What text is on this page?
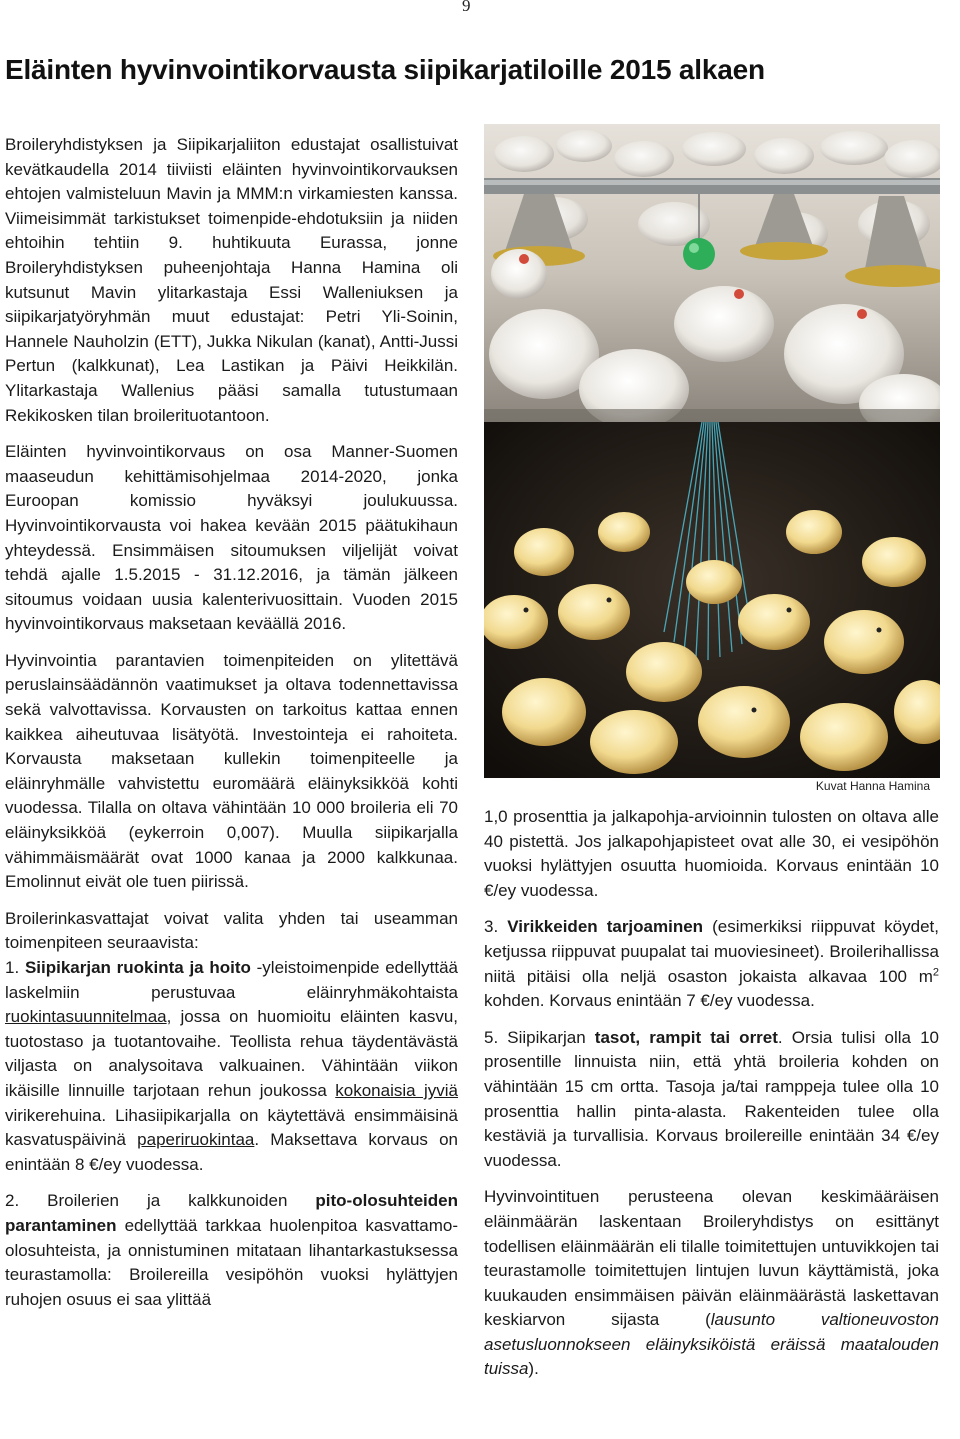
9
Eläinten hyvinvointikorvausta siipikarjatiloille 2015 alkaen

Broileryhdistyksen ja Siipikarjaliiton edustajat osallistuivat kevätkaudella 2014 tiiviisti eläinten hyvinvointikorvauksen ehtojen valmisteluun Mavin ja MMM:n virkamiesten kanssa. Viimeisimmät tarkistukset toimenpide-ehdotuksiin ja niiden ehtoihin tehtiin 9. huhtikuuta Eurassa, jonne Broileryhdistyksen puheenjohtaja Hanna Hamina oli kutsunut Mavin ylitarkastaja Essi Walleniuksen ja siipikarjatyöryhmän muut edustajat: Petri Yli-Soinin, Hannele Nauholzin (ETT), Jukka Nikulan (kanat), Antti-Jussi Pertun (kalkkunat), Lea Lastikan ja Päivi Heikkilän. Ylitarkastaja Wallenius pääsi samalla tutustumaan Rekikosken tilan broilerituotantoon.

Eläinten hyvinvointikorvaus on osa Manner-Suomen maaseudun kehittämisohjelmaa 2014-2020, jonka Euroopan komissio hyväksyi joulukuussa. Hyvinvointikorvausta voi hakea kevään 2015 päätukihaun yhteydessä. Ensimmäisen sitoumuksen viljelijät voivat tehdä ajalle 1.5.2015 - 31.12.2016, ja tämän jälkeen sitoumus voidaan uusia kalenterivuosittain. Vuoden 2015 hyvinvointikorvaus maksetaan keväällä 2016.

Hyvinvointia parantavien toimenpiteiden on ylitettävä peruslainsäädännön vaatimukset ja oltava todennettavissa sekä valvottavissa. Korvausten on tarkoitus kattaa ennen kaikkea aiheutuvaa lisätyötä. Investointeja ei rahoiteta. Korvausta maksetaan kullekin toimenpiteelle ja eläinryhmälle vahvistettu euromäärä eläinyksikköä kohti vuodessa. Tilalla on oltava vähintään 10 000 broileria eli 70 eläinyksikköä (eykerroin 0,007). Muulla siipikarjalla vähimmäismäärät ovat 1000 kanaa ja 2000 kalkkunaa. Emolinnut eivät ole tuen piirissä.

Broilerinkasvattajat voivat valita yhden tai useamman toimenpiteen seuraavista:

1. Siipikarjan ruokinta ja hoito -yleistoimenpide edellyttää laskelmiin perustuvaa eläinryhmäkohtaista ruokintasuunnitelmaa, jossa on huomioitu eläinten kasvu, tuotostaso ja tuotantovaihe. Teollista rehua täydentävästä viljasta on analysoitava valkuainen. Vähintään viikon ikäisille linnuille tarjotaan rehun joukossa kokonaisia jyviä virikerehuina. Lihasiipikarjalla on käytettävä ensimmäisinä kasvatuspäivinä paperiruokintaa. Maksettava korvaus on enintään 8 €/ey vuodessa.

2. Broilerien ja kalkkunoiden pito-olosuhteiden parantaminen edellyttää tarkkaa huolenpitoa kasvattamo- olosuhteista, ja onnistuminen mitataan lihantarkastuksessa teurastamolla: Broilereilla vesipöhön vuoksi hylättyjen ruhojen osuus ei saa ylittää

Kuvat Hanna Hamina

1,0 prosenttia ja jalkapohja-arvioinnin tulosten on oltava alle 40 pistettä. Jos jalkapohjapisteet ovat alle 30, ei vesipöhön vuoksi hylättyjen osuutta huomioida. Korvaus enintään 10 €/ey vuodessa.

3. Virikkeiden tarjoaminen (esimerkiksi riippuvat köydet, ketjussa riippuvat puupalat tai muoviesineet). Broilerihallissa niitä pitäisi olla neljä osaston jokaista alkavaa 100 $m^2$ kohden. Korvaus enintään 7 €/ey vuodessa.

5. Siipikarjan tasot, rampit tai orret. Orsia tulisi olla 10 prosentille linnuista niin, että yhtä broileria kohden on vähintään 15 cm orttа. Tasoja ja/tai ramppeja tulee olla 10 prosenttia hallin pinta-alasta. Rakenteiden tulee olla kestäviä ja turvallisia. Korvaus broilereille enintään 34 €/ey vuodessa.

Hyvinvointituen perusteena olevan keskimääräisen eläinmäärän laskentaan Broileryhdistys on esittänyt todellisen eläinmäärän eli tilalle toimitettujen untuvikkojen tai teurastamolle toimitettujen lintujen luvun käyttämistä, joka kuukauden ensimmäisen päivän eläinmäärästä laskettavan keskiarvon sijasta (lausunto valtioneuvoston asetusluonnokseen eläinyksiköistä eräissä maatalouden tuissa).
